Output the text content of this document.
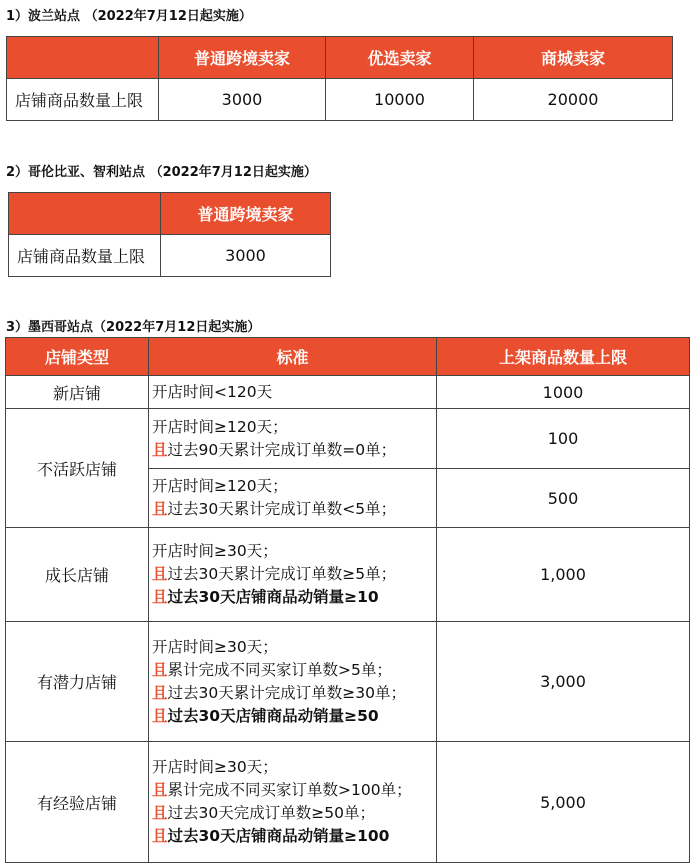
1）波兰站点 （2022年7月12日起实施）
	普通跨境卖家	优选卖家	商城卖家
店铺商品数量上限	3000	10000	20000
2）哥伦比亚、智利站点 （2022年7月12日起实施）
	普通跨境卖家
店铺商品数量上限	3000
3）墨西哥站点（2022年7月12日起实施）
店铺类型	标准	上架商品数量上限
新店铺	开店时间<120天	1000
不活跃店铺	开店时间≥120天；
且过去90天累计完成订单数=0单；	100

	开店时间≥120天；
且过去30天累计完成订单数<5单；	500
成长店铺	开店时间≥30天；
且过去30天累计完成订单数≥5单；
且过去30天店铺商品动销量≥10	1,000
有潜力店铺	开店时间≥30天；
且累计完成不同买家订单数>5单；
且过去30天累计完成订单数≥30单；
且过去30天店铺商品动销量≥50	3,000
有经验店铺	开店时间≥30天；
且累计完成不同买家订单数>100单；
且过去30天完成订单数≥50单；
且过去30天店铺商品动销量≥100	5,000
